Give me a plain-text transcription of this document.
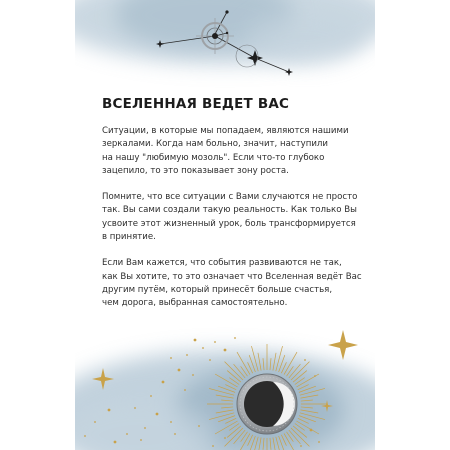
ВСЕЛЕННАЯ ВЕДЕТ ВАС
Ситуации, в которые мы попадаем, являются нашими
зеркалами. Когда нам больно, значит, наступили
на нашу "любимую мозоль". Если что-то глубоко
зацепило, то это показывает зону роста.
Помните, что все ситуации с Вами случаются не просто
так. Вы сами создали такую реальность. Как только Вы
усвоите этот жизненный урок, боль трансформируется
в принятие.
Если Вам кажется, что события развиваются не так,
как Вы хотите, то это означает что Вселенная ведёт Вас
другим путём, который принесёт больше счастья,
чем дорога, выбранная самостоятельно.
